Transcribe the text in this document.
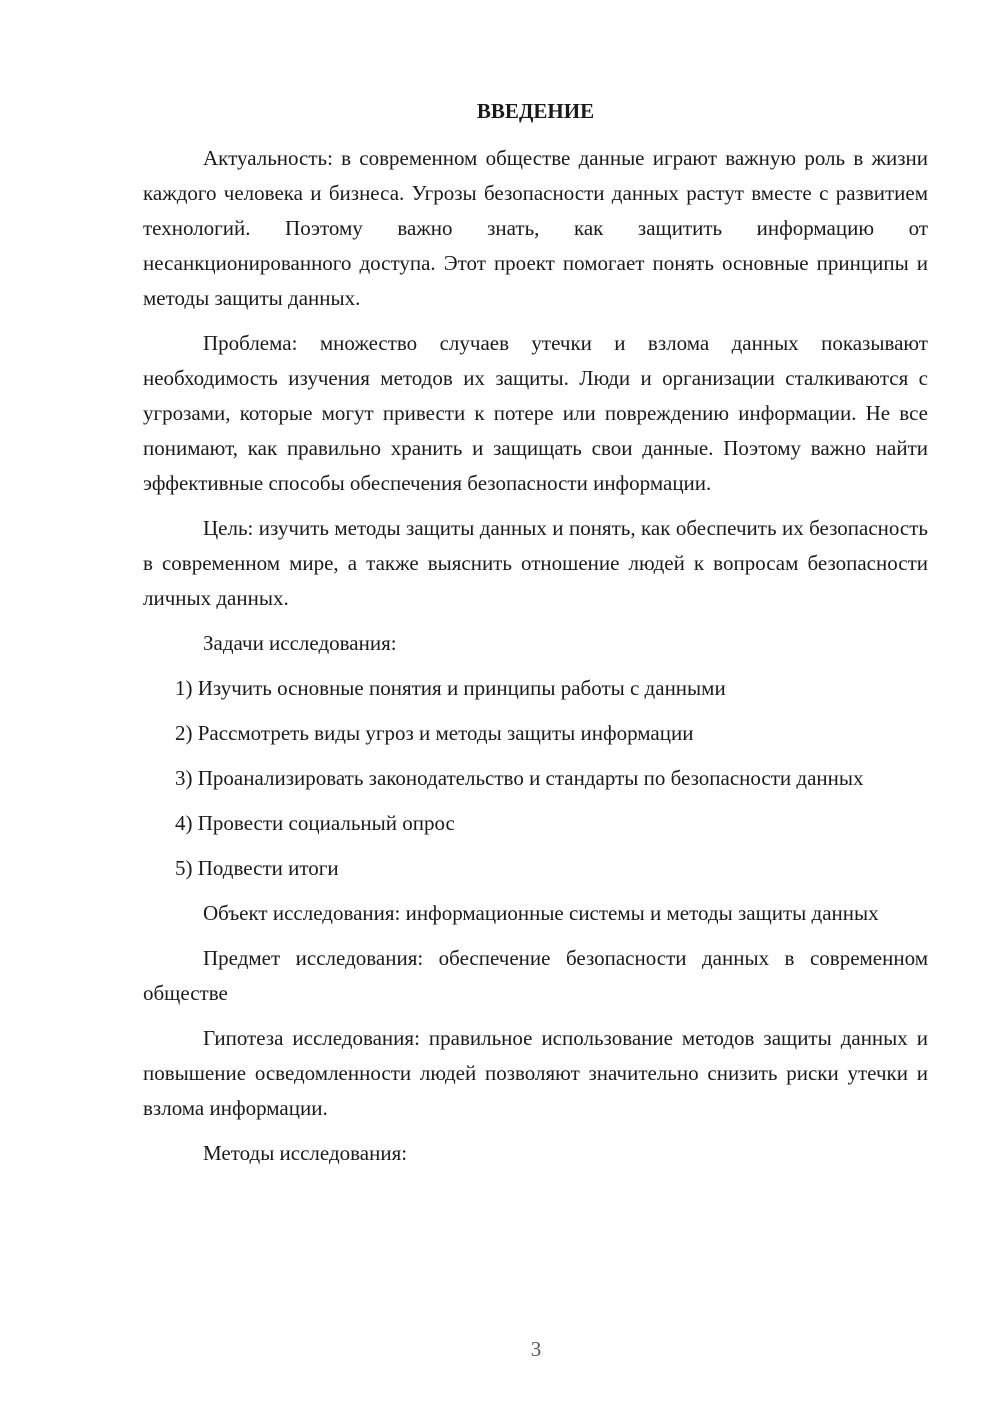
ВВЕДЕНИЕ

Актуальность: в современном обществе данные играют важную роль в жизни каждого человека и бизнеса. Угрозы безопасности данных растут вместе с развитием технологий. Поэтому важно знать, как защитить информацию от несанкционированного доступа. Этот проект помогает понять основные принципы и методы защиты данных.

Проблема: множество случаев утечки и взлома данных показывают необходимость изучения методов их защиты. Люди и организации сталкиваются с угрозами, которые могут привести к потере или повреждению информации. Не все понимают, как правильно хранить и защищать свои данные. Поэтому важно найти эффективные способы обеспечения безопасности информации.

Цель: изучить методы защиты данных и понять, как обеспечить их безопасность в современном мире, а также выяснить отношение людей к вопросам безопасности личных данных.

Задачи исследования:

1) Изучить основные понятия и принципы работы с данными

2) Рассмотреть виды угроз и методы защиты информации

3) Проанализировать законодательство и стандарты по безопасности данных

4) Провести социальный опрос

5) Подвести итоги

Объект исследования: информационные системы и методы защиты данных

Предмет исследования: обеспечение безопасности данных в современном обществе

Гипотеза исследования: правильное использование методов защиты данных и повышение осведомленности людей позволяют значительно снизить риски утечки и взлома информации.

Методы исследования:

3
